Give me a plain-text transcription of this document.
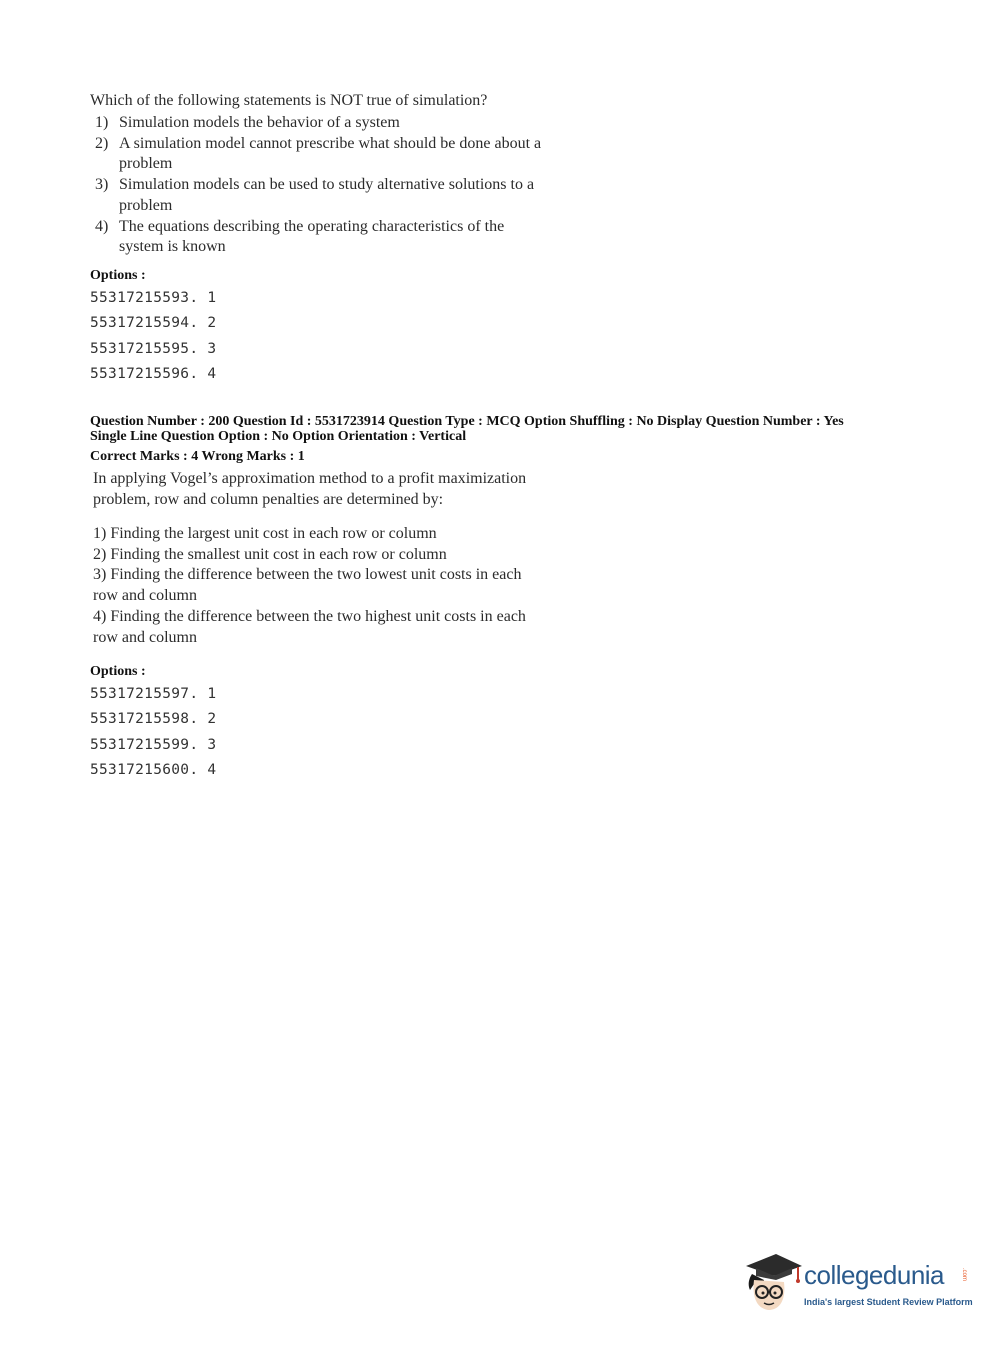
Which of the following statements is NOT true of simulation?
1) Simulation models the behavior of a system
2) A simulation model cannot prescribe what should be done about a
problem
3) Simulation models can be used to study alternative solutions to a
problem
4) The equations describing the operating characteristics of the
system is known
Options :
55317215593. 1
55317215594. 2
55317215595. 3
55317215596. 4
Question Number : 200 Question Id : 5531723914 Question Type : MCQ Option Shuffling : No Display Question Number : Yes
Single Line Question Option : No Option Orientation : Vertical
Correct Marks : 4 Wrong Marks : 1
In applying Vogel’s approximation method to a profit maximization
problem, row and column penalties are determined by:
1) Finding the largest unit cost in each row or column
2) Finding the smallest unit cost in each row or column
3) Finding the difference between the two lowest unit costs in each
row and column
4) Finding the difference between the two highest unit costs in each
row and column
Options :
55317215597. 1
55317215598. 2
55317215599. 3
55317215600. 4
collegedunia	.com
India's largest Student Review Platform
